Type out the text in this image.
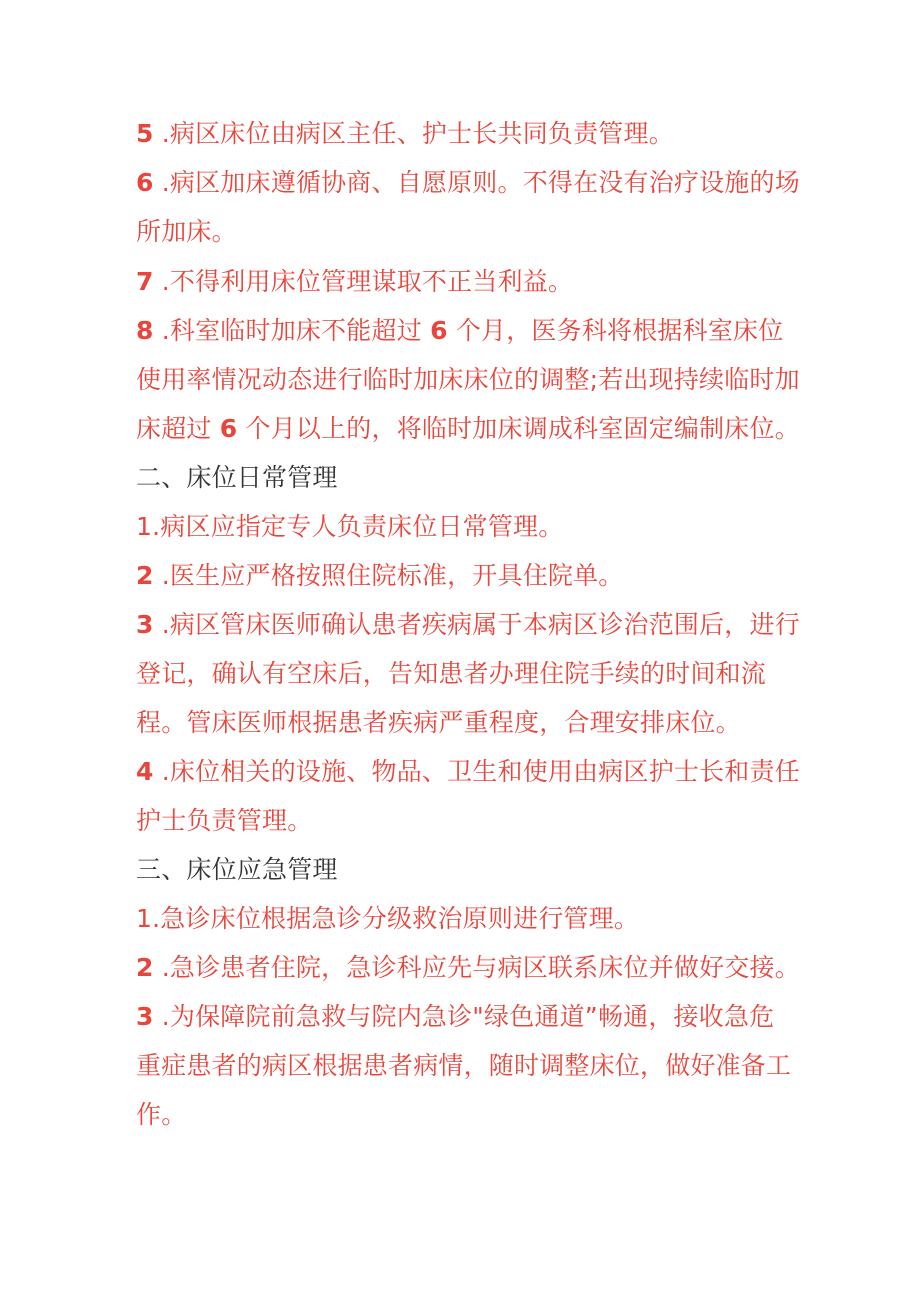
5 .病区床位由病区主任、护士长共同负责管理。
6 .病区加床遵循协商、自愿原则。不得在没有治疗设施的场
所加床。
7 .不得利用床位管理谋取不正当利益。
8 .科室临时加床不能超过 6 个月，医务科将根据科室床位
使用率情况动态进行临时加床床位的调整;若出现持续临时加
床超过 6 个月以上的，将临时加床调成科室固定编制床位。
二、床位日常管理
1.病区应指定专人负责床位日常管理。
2 .医生应严格按照住院标准，开具住院单。
3 .病区管床医师确认患者疾病属于本病区诊治范围后，进行
登记，确认有空床后，告知患者办理住院手续的时间和流
程。管床医师根据患者疾病严重程度，合理安排床位。
4 .床位相关的设施、物品、卫生和使用由病区护士长和责任
护士负责管理。
三、床位应急管理
1.急诊床位根据急诊分级救治原则进行管理。
2 .急诊患者住院，急诊科应先与病区联系床位并做好交接。
3 .为保障院前急救与院内急诊"绿色通道”畅通，接收急危
重症患者的病区根据患者病情，随时调整床位，做好准备工
作。
